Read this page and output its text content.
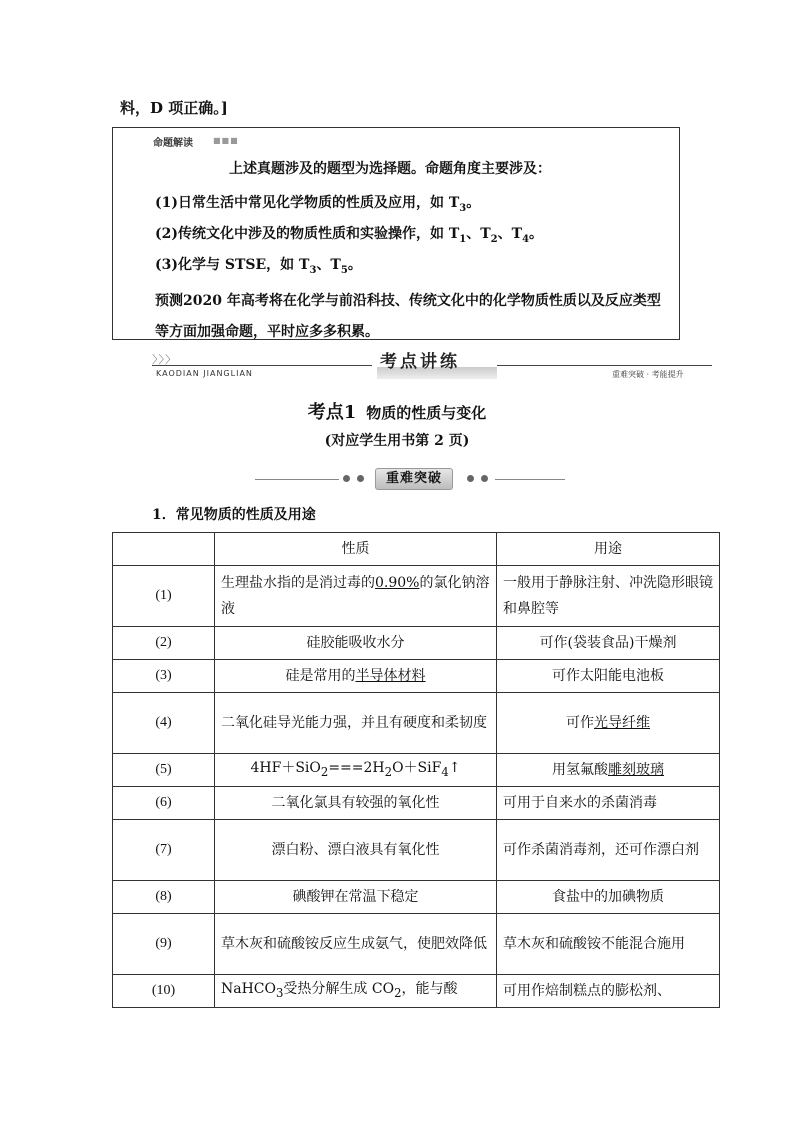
料，D 项正确。]
命题解读	■■■
上述真题涉及的题型为选择题。命题角度主要涉及：
(1)日常生活中常见化学物质的性质及应用，如 $T_3$。
(2)传统文化中涉及的物质性质和实验操作，如 $T_1$、$T_2$、$T_4$。
(3)化学与 STSE，如 $T_3$、$T_5$。
预测2020 年高考将在化学与前沿科技、传统文化中的化学物质性质以及反应类型等方面加强命题，平时应多多积累。
〉〉〉
KAODIAN JIANGLIAN
考点讲练
重难突破 · 考能提升
考点1 物质的性质与变化
(对应学生用书第 2 页)
重难突破
1．常见物质的性质及用途
	性质	用途
(1)	生理盐水指的是消过毒的0.90%的氯化钠溶液	一般用于静脉注射、冲洗隐形眼镜和鼻腔等
(2)	硅胶能吸收水分	可作(袋装食品)干燥剂
(3)	硅是常用的半导体材料	可作太阳能电池板
(4)	二氧化硅导光能力强，并且有硬度和柔韧度	可作光导纤维
(5)	$4HF+SiO_2===2H_2O+SiF_4↑$	用氢氟酸雕刻玻璃
(6)	二氧化氯具有较强的氧化性	可用于自来水的杀菌消毒
(7)	漂白粉、漂白液具有氧化性	可作杀菌消毒剂，还可作漂白剂
(8)	碘酸钾在常温下稳定	食盐中的加碘物质
(9)	草木灰和硫酸铵反应生成氨气，使肥效降低	草木灰和硫酸铵不能混合施用
(10)	NaHCO$_3$受热分解生成 $CO_2$，能与酸	可用作焙制糕点的膨松剂、
